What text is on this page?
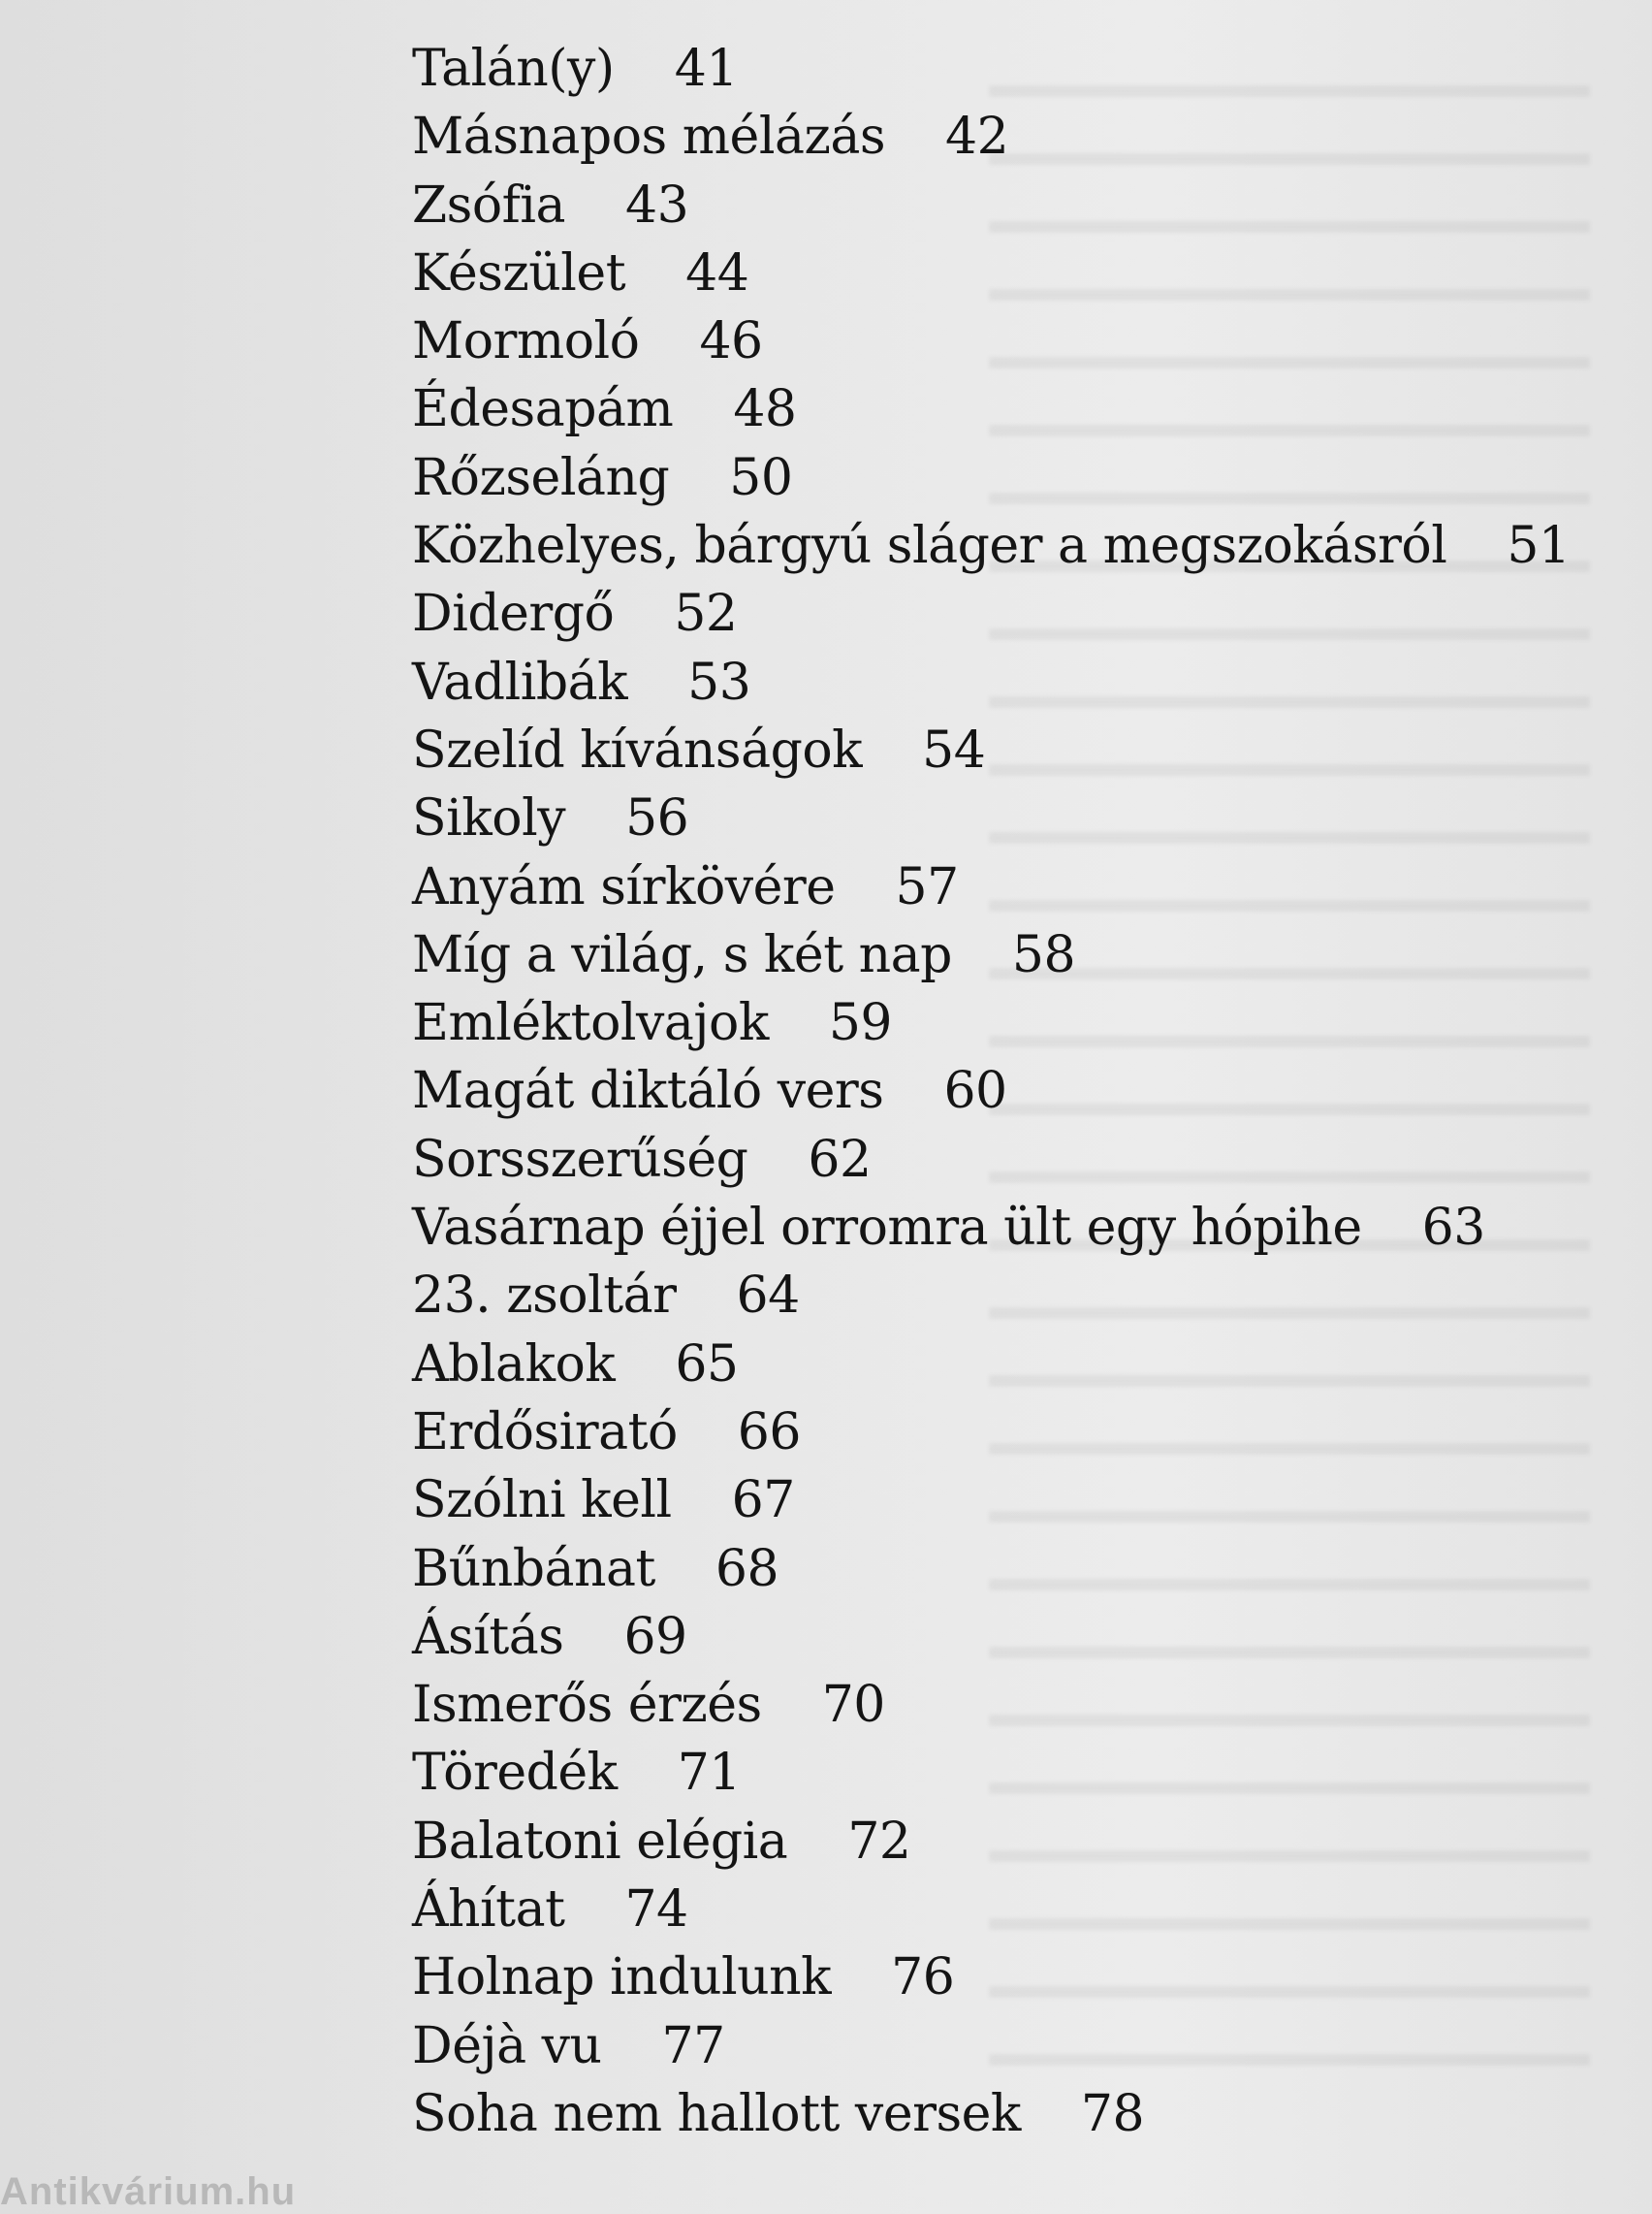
Talán(y) 41
Másnapos mélázás 42
Zsófia 43
Készület 44
Mormoló 46
Édesapám 48
Rőzseláng 50
Közhelyes, bárgyú sláger a megszokásról 51
Didergő 52
Vadlibák 53
Szelíd kívánságok 54
Sikoly 56
Anyám sírkövére 57
Míg a világ, s két nap 58
Emléktolvajok 59
Magát diktáló vers 60
Sorsszerűség 62
Vasárnap éjjel orromra ült egy hópihe 63
23. zsoltár 64
Ablakok 65
Erdősirató 66
Szólni kell 67
Bűnbánat 68
Ásítás 69
Ismerős érzés 70
Töredék 71
Balatoni elégia 72
Áhítat 74
Holnap indulunk 76
Déjà vu 77
Soha nem hallott versek 78
Antikvárium.hu
